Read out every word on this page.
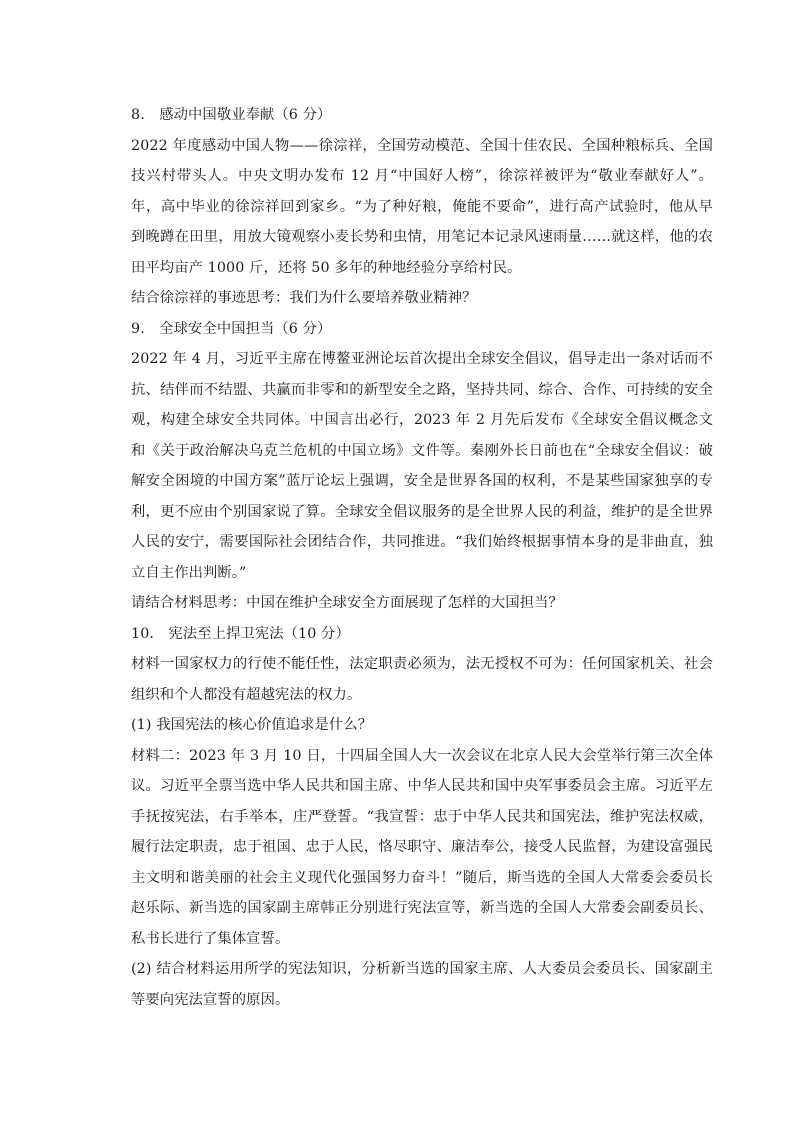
8.　感动中国敬业奉献（6 分）
2022 年度感动中国人物——徐淙祥，全国劳动模范、全国十佳农民、全国种粮标兵、全国
技兴村带头人。中央文明办发布 12 月“中国好人榜”，徐淙祥被评为“敬业奉献好人”。
年，高中毕业的徐淙祥回到家乡。“为了种好粮，俺能不要命”，进行高产试验时，他从早
到晚蹲在田里，用放大镜观察小麦长势和虫情，用笔记本记录风速雨量……就这样，他的农
田平均亩产 1000 斤，还将 50 多年的种地经验分享给村民。
结合徐淙祥的事迹思考：我们为什么要培养敬业精神？
9.　全球安全中国担当（6 分）
2022 年 4 月，习近平主席在博鳌亚洲论坛首次提出全球安全倡议，倡导走出一条对话而不
抗、结伴而不结盟、共赢而非零和的新型安全之路，坚持共同、综合、合作、可持续的安全
观，构建全球安全共同体。中国言出必行，2023 年 2 月先后发布《全球安全倡议概念文
和《关于政治解决乌克兰危机的中国立场》文件等。秦刚外长日前也在“全球安全倡议：破
解安全困境的中国方案”蓝厅论坛上强调，安全是世界各国的权利，不是某些国家独享的专
利，更不应由个别国家说了算。全球安全倡议服务的是全世界人民的利益，维护的是全世界
人民的安宁，需要国际社会团结合作，共同推进。“我们始终根据事情本身的是非曲直，独
立自主作出判断。”
请结合材料思考：中国在维护全球安全方面展现了怎样的大国担当？
10.　宪法至上捍卫宪法（10 分）
材料一国家权力的行使不能任性，法定职责必须为，法无授权不可为：任何国家机关、社会
组织和个人都没有超越宪法的权力。
(1) 我国宪法的核心价值追求是什么？
材料二：2023 年 3 月 10 日，十四届全国人大一次会议在北京人民大会堂举行第三次全体
议。习近平全票当选中华人民共和国主席、中华人民共和国中央军事委员会主席。习近平左
手抚按宪法，右手举本，庄严登誓。“我宣誓：忠于中华人民共和国宪法，维护宪法权威，
履行法定职责，忠于祖国、忠于人民，恪尽职守、廉洁奉公，接受人民监督，为建设富强民
主文明和谐美丽的社会主义现代化强国努力奋斗！”随后，斯当选的全国人大常委会委员长
赵乐际、新当选的国家副主席韩正分别进行宪法宣等，新当选的全国人大常委会副委员长、
私书长进行了集体宣誓。
(2) 结合材料运用所学的宪法知识，分析新当选的国家主席、人大委员会委员长、国家副主
等要向宪法宣誓的原因。
